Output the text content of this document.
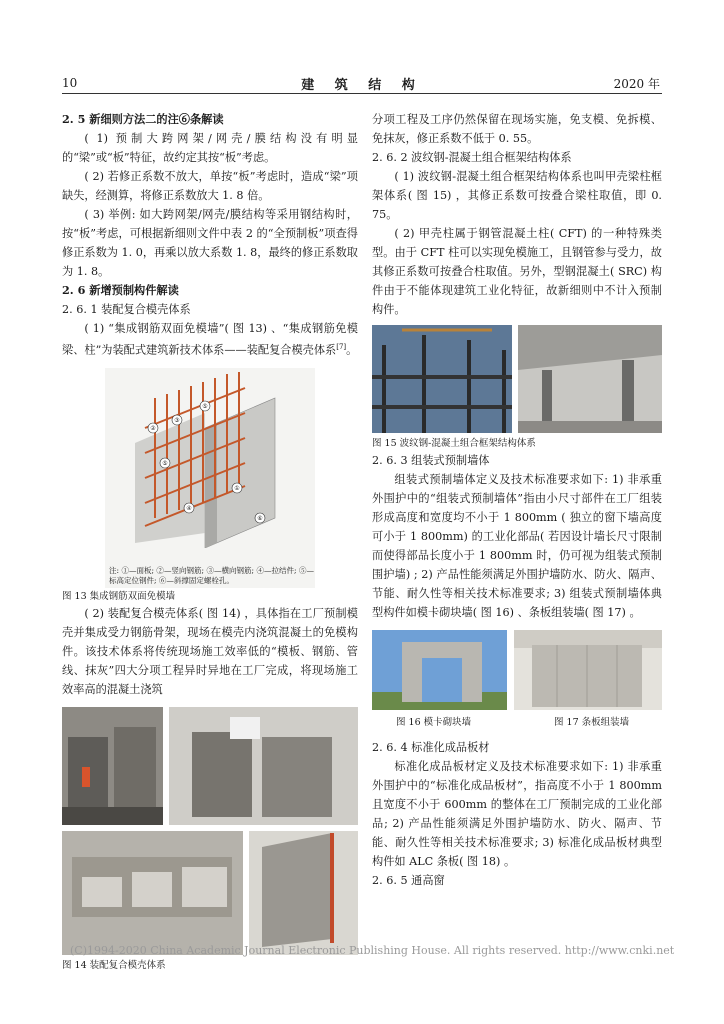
10	建 筑 结 构	2020 年
2. 5 新细则方法二的注⑥条解读

( 1) 预制大跨网架/网壳/膜结构没有明显的“梁”或“板”特征，故约定其按“板”考虑。

( 2) 若修正系数不放大，单按“板”考虑时，造成“梁”项缺失，经测算，将修正系数放大 1. 8 倍。

( 3) 举例: 如大跨网架/网壳/膜结构等采用钢结构时，按“板”考虑，可根据新细则文件中表 2 的“全预制板”项查得修正系数为 1. 0，再乘以放大系数 1. 8，最终的修正系数取为 1. 8。

2. 6 新增预制构件解读
2. 6. 1 装配复合模壳体系

( 1) “集成钢筋双面免模墙”( 图 13) 、“集成钢筋免模梁、柱”为装配式建筑新技术体系——装配复合模壳体系[7]。

②
③
⑤
④
①
⑥
⑤

注: ①—面板; ②—竖向钢筋; ③—横向钢筋; ④—拉结件; ⑤—标高定位钢件; ⑥—斜撑固定螺栓孔。

图 13 集成钢筋双面免模墙

( 2) 装配复合模壳体系( 图 14) ，具体指在工厂预制模壳并集成受力钢筋骨架，现场在模壳内浇筑混凝土的免模构件。该技术体系将传统现场施工效率低的“模板、钢筋、管线、抹灰”四大分项工程异时异地在工厂完成，将现场施工效率高的混凝土浇筑

图 14 装配复合模壳体系

分项工程及工序仍然保留在现场实施，免支模、免拆模、免抹灰，修正系数不低于 0. 55。

2. 6. 2 波纹钢-混凝土组合框架结构体系

( 1) 波纹钢-混凝土组合框架结构体系也叫甲壳梁柱框架体系( 图 15) ，其修正系数可按叠合梁柱取值，即 0. 75。

( 2) 甲壳柱属于钢管混凝土柱( CFT) 的一种特殊类型。由于 CFT 柱可以实现免模施工，且钢管参与受力，故其修正系数可按叠合柱取值。另外，型钢混凝土( SRC) 构件由于不能体现建筑工业化特征，故新细则中不计入预制构件。

图 15 波纹钢-混凝土组合框架结构体系

2. 6. 3 组装式预制墙体

组装式预制墙体定义及技术标准要求如下: 1) 非承重外围护中的“组装式预制墙体”指由小尺寸部件在工厂组装形成高度和宽度均不小于 1 800mm ( 独立的窗下墙高度可小于 1 800mm) 的工业化部品( 若因设计墙长尺寸限制而使得部品长度小于 1 800mm 时，仍可视为组装式预制围护墙) ; 2) 产品性能须满足外围护墙防水、防火、隔声、节能、耐久性等相关技术标准要求; 3) 组装式预制墙体典型构件如模卡砌块墙( 图 16) 、条板组装墙( 图 17) 。

图 16 模卡砌块墙	图 17 条板组装墙
2. 6. 4 标准化成品板材

标准化成品板材定义及技术标准要求如下: 1) 非承重外围护中的“标准化成品板材”，指高度不小于 1 800mm 且宽度不小于 600mm 的整体在工厂预制完成的工业化部品; 2) 产品性能须满足外围护墙防水、防火、隔声、节能、耐久性等相关技术标准要求; 3) 标准化成品板材典型构件如 ALC 条板( 图 18) 。

2. 6. 5 通高窗
(C)1994-2020 China Academic Journal Electronic Publishing House. All rights reserved. http://www.cnki.net
